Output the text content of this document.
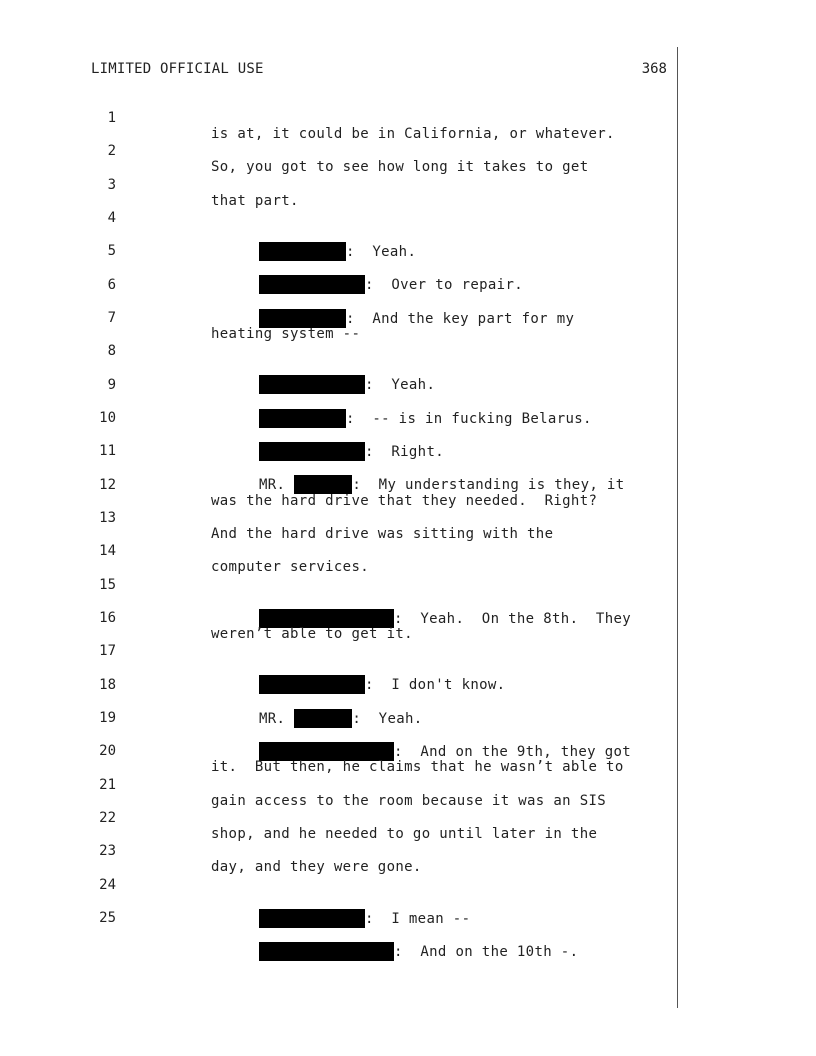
LIMITED OFFICIAL USE	368

1

is at, it could be in California, or whatever.

2

So, you got to see how long it takes to get

3

that part.

4

:  Yeah.

5

:  Over to repair.

6

:  And the key part for my

7

heating system --

8

:  Yeah.

9

:  -- is in fucking Belarus.

10

:  Right.

11

MR.	:  My understanding is they, it

12

was the hard drive that they needed.  Right?

13

And the hard drive was sitting with the

14

computer services.

15

:  Yeah.  On the 8th.  They

16

weren’t able to get it.

17

:  I don't know.

18

MR.	:  Yeah.

19

:  And on the 9th, they got

20

it.  But then, he claims that he wasn’t able to

21

gain access to the room because it was an SIS

22

shop, and he needed to go until later in the

23

day, and they were gone.

24

:  I mean --

25

:  And on the 10th -.
